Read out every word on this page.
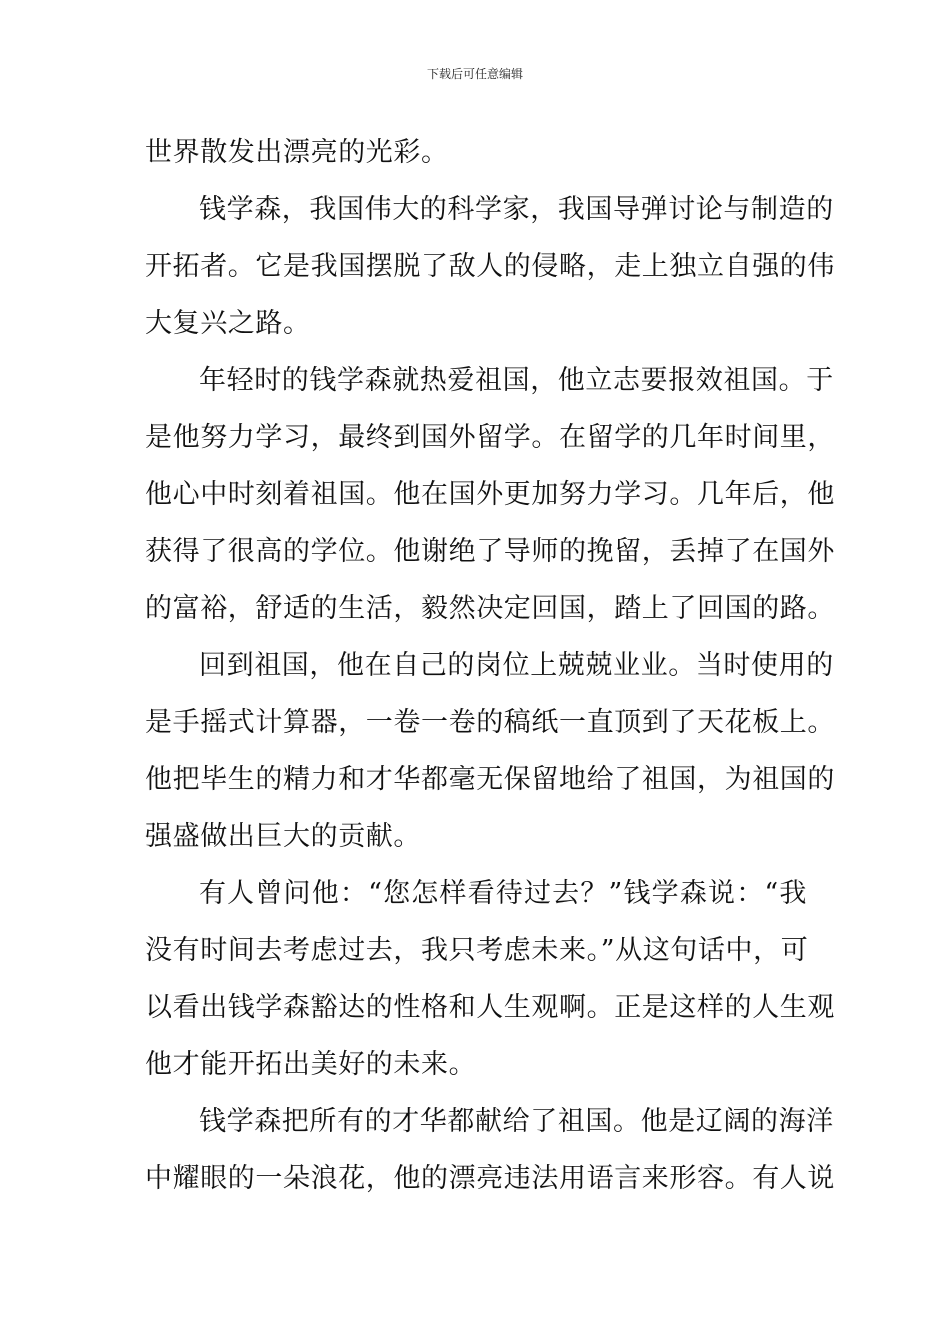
下载后可任意编辑
世界散发出漂亮的光彩。
钱学森，我国伟大的科学家，我国导弹讨论与制造的
开拓者。它是我国摆脱了敌人的侵略，走上独立自强的伟
大复兴之路。
年轻时的钱学森就热爱祖国，他立志要报效祖国。于
是他努力学习，最终到国外留学。在留学的几年时间里，
他心中时刻着祖国。他在国外更加努力学习。几年后，他
获得了很高的学位。他谢绝了导师的挽留，丢掉了在国外
的富裕，舒适的生活，毅然决定回国，踏上了回国的路。
回到祖国，他在自己的岗位上兢兢业业。当时使用的
是手摇式计算器，一卷一卷的稿纸一直顶到了天花板上。
他把毕生的精力和才华都毫无保留地给了祖国，为祖国的
强盛做出巨大的贡献。
有人曾问他：“您怎样看待过去？”钱学森说：“我
没有时间去考虑过去，我只考虑未来。”从这句话中，可
以看出钱学森豁达的性格和人生观啊。正是这样的人生观
他才能开拓出美好的未来。
钱学森把所有的才华都献给了祖国。他是辽阔的海洋
中耀眼的一朵浪花，他的漂亮违法用语言来形容。有人说
